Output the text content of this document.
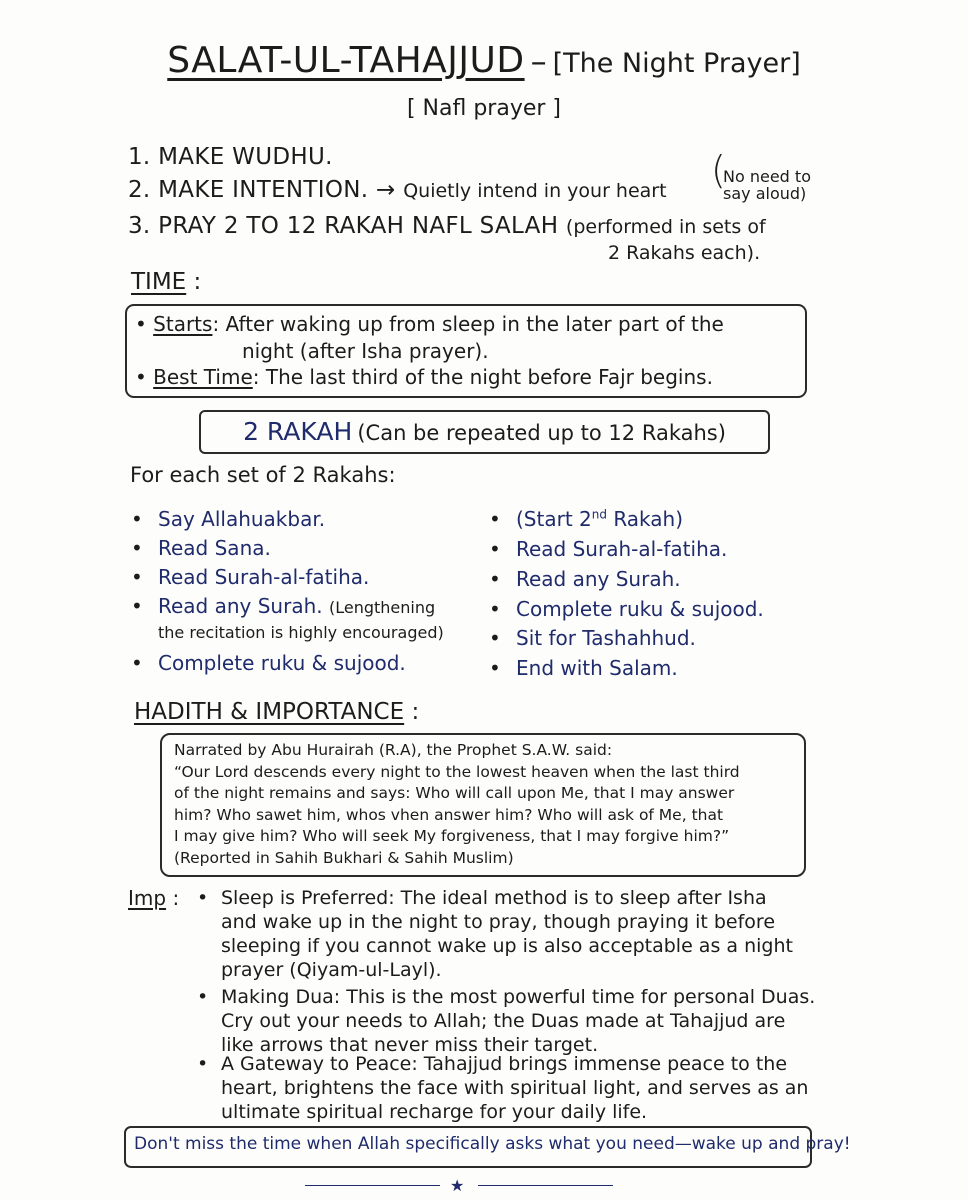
SALAT-UL-TAHAJJUD – [The Night Prayer]
[ Nafl prayer ]
1. MAKE WUDHU.
2. MAKE INTENTION. → Quietly intend in your heart (
No need to
say aloud)
3. PRAY 2 TO 12 RAKAH NAFL SALAH (performed in sets of
2 Rakahs each).
TIME :
• Starts: After waking up from sleep in the later part of the
night (after Isha prayer).
• Best Time: The last third of the night before Fajr begins.
2 RAKAH (Can be repeated up to 12 Rakahs)
For each set of 2 Rakahs:
• Say Allahuakbar.
• Read Sana.
• Read Surah-al-fatiha.
• Read any Surah. (Lengthening
the recitation is highly encouraged)
• Complete ruku & sujood.
• (Start 2nd Rakah)
• Read Surah-al-fatiha.
• Read any Surah.
• Complete ruku & sujood.
• Sit for Tashahhud.
• End with Salam.
HADITH & IMPORTANCE :
Narrated by Abu Hurairah (R.A), the Prophet S.A.W. said:
“Our Lord descends every night to the lowest heaven when the last third
of the night remains and says: Who will call upon Me, that I may answer
him? Who sawet him, whos vhen answer him? Who will ask of Me, that
I may give him? Who will seek My forgiveness, that I may forgive him?”
(Reported in Sahih Bukhari & Sahih Muslim)
Imp : • Sleep is Preferred: The ideal method is to sleep after Isha
and wake up in the night to pray, though praying it before
sleeping if you cannot wake up is also acceptable as a night
prayer (Qiyam-ul-Layl).
• Making Dua: This is the most powerful time for personal Duas.
Cry out your needs to Allah; the Duas made at Tahajjud are
like arrows that never miss their target.
• A Gateway to Peace: Tahajjud brings immense peace to the
heart, brightens the face with spiritual light, and serves as an
ultimate spiritual recharge for your daily life.
Don't miss the time when Allah specifically asks what you need—wake up and pray!
★
